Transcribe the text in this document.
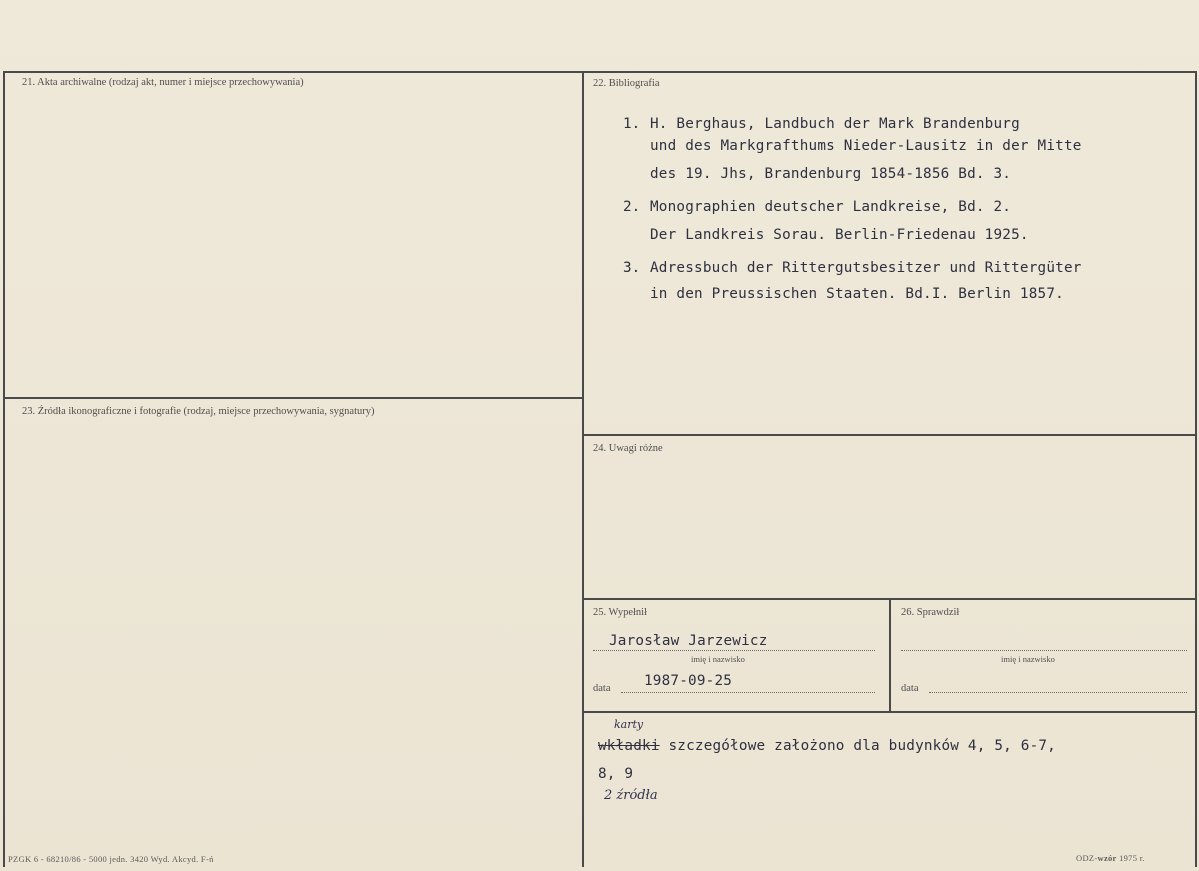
21. Akta archiwalne (rodzaj akt, numer i miejsce przechowywania)	22. Bibliografia
23. Źródła ikonograficzne i fotografie (rodzaj, miejsce przechowywania, sygnatury)
24. Uwagi różne
25. Wypełnił	26. Sprawdził
1. H. Berghaus, Landbuch der Mark Brandenburg
und des Markgrafthums Nieder-Lausitz in der Mitte
des 19. Jhs, Brandenburg 1854-1856 Bd. 3.
2. Monographien deutscher Landkreise, Bd. 2.
Der Landkreis Sorau. Berlin-Friedenau 1925.
3. Adressbuch der Rittergutsbesitzer und Rittergüter
in den Preussischen Staaten. Bd.I. Berlin 1857.
Jarosław Jarzewicz
imię i nazwisko
data 1987-09-25
imię i nazwisko
data
karty
wkładki szczegółowe założono dla budynków 4, 5, 6-7,
8, 9
2 źródła
PZGK 6 - 68210/86 - 5000 jedn. 3420 Wyd. Akcyd. F-ń	ODZ-wzór 1975 r.
